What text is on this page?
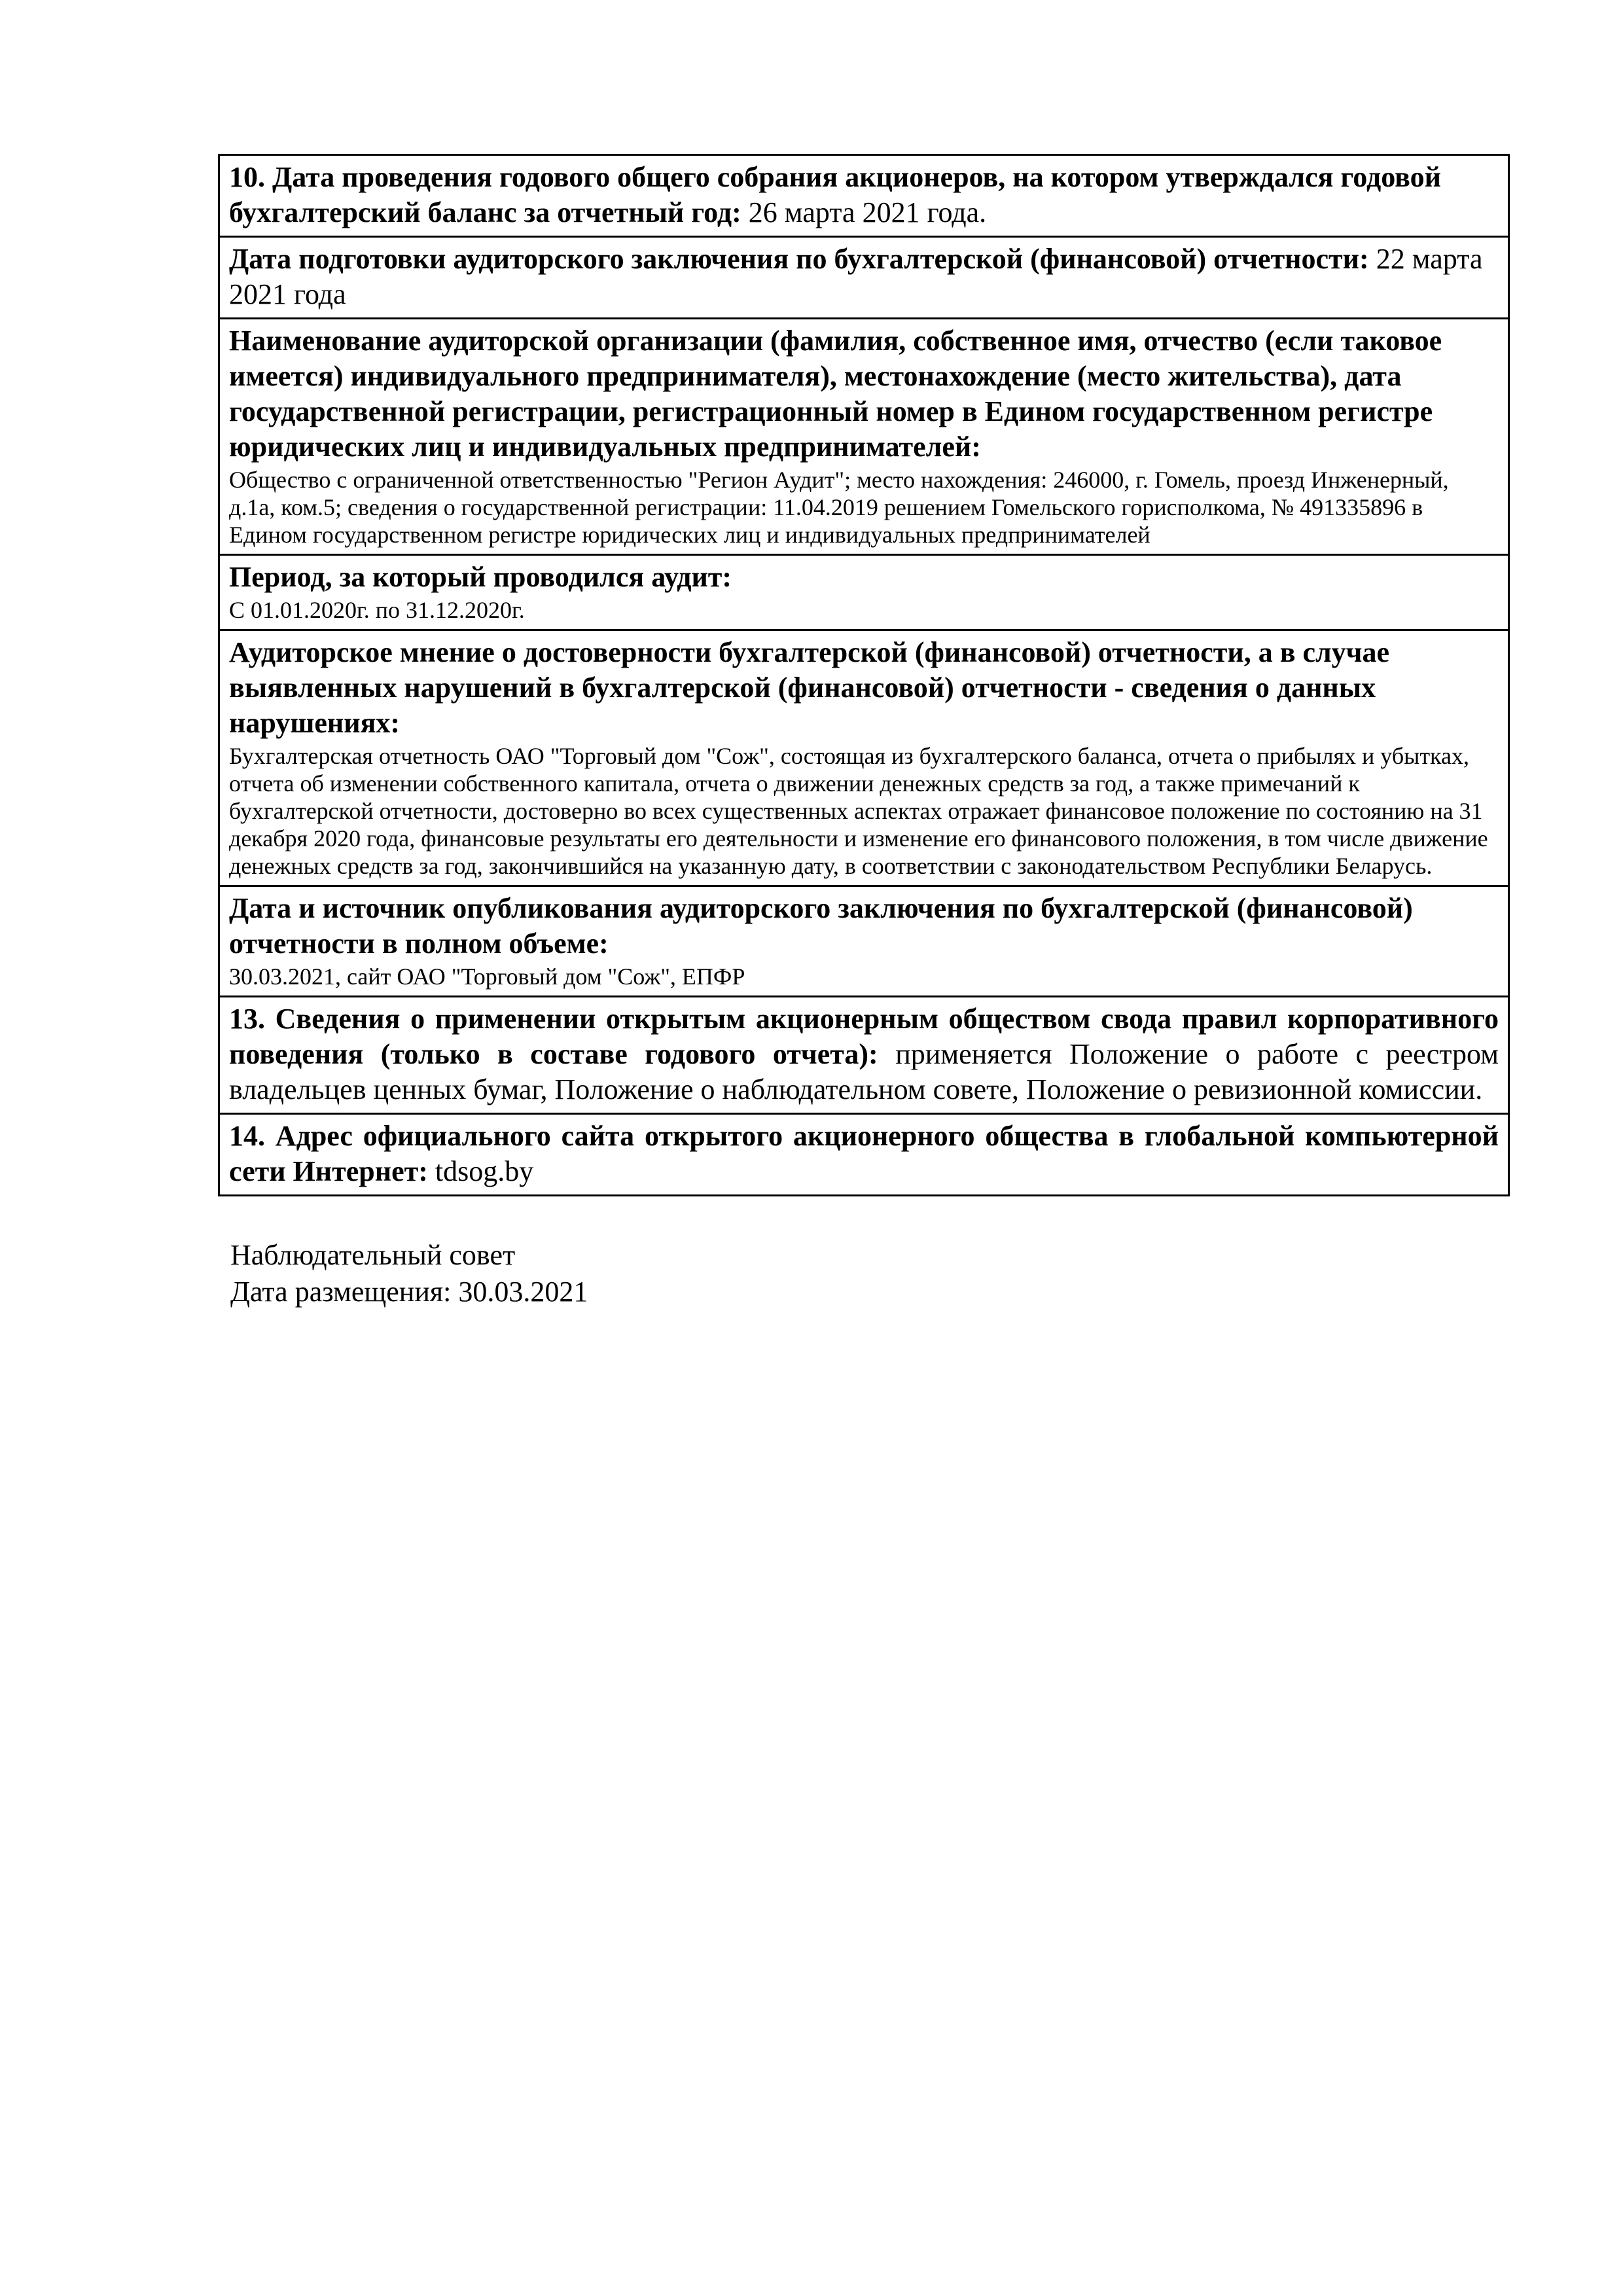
10. Дата проведения годового общего собрания акционеров, на котором утверждался годовой бухгалтерский баланс за отчетный год: 26 марта 2021 года.
Дата подготовки аудиторского заключения по бухгалтерской (финансовой) отчетности: 22 марта 2021 года
Наименование аудиторской организации (фамилия, собственное имя, отчество (если таковое имеется) индивидуального предпринимателя), местонахождение (место жительства), дата государственной регистрации, регистрационный номер в Едином государственном регистре юридических лиц и индивидуальных предпринимателей:
Общество с ограниченной ответственностью "Регион Аудит"; место нахождения: 246000, г. Гомель, проезд Инженерный, д.1а, ком.5; сведения о государственной регистрации: 11.04.2019 решением Гомельского горисполкома, № 491335896 в Едином государственном регистре юридических лиц и индивидуальных предпринимателей

Период, за который проводился аудит:
С 01.01.2020г. по 31.12.2020г.

Аудиторское мнение о достоверности бухгалтерской (финансовой) отчетности, а в случае выявленных нарушений в бухгалтерской (финансовой) отчетности - сведения о данных нарушениях:
Бухгалтерская отчетность ОАО "Торговый дом "Сож", состоящая из бухгалтерского баланса, отчета о прибылях и убытках, отчета об изменении собственного капитала, отчета о движении денежных средств за год, а также примечаний к бухгалтерской отчетности, достоверно во всех существенных аспектах отражает финансовое положение по состоянию на 31 декабря 2020 года, финансовые результаты его деятельности и изменение его финансового положения, в том числе движение денежных средств за год, закончившийся на указанную дату, в соответствии с законодательством Республики Беларусь.

Дата и источник опубликования аудиторского заключения по бухгалтерской (финансовой) отчетности в полном объеме:
30.03.2021, сайт ОАО "Торговый дом "Сож", ЕПФР

13. Сведения о применении открытым акционерным обществом свода правил корпоративного поведения (только в составе годового отчета): применяется Положение о работе с реестром владельцев ценных бумаг, Положение о наблюдательном совете, Положение о ревизионной комиссии.
14. Адрес официального сайта открытого акционерного общества в глобальной компьютерной сети Интернет: tdsog.by
Наблюдательный совет
Дата размещения: 30.03.2021
